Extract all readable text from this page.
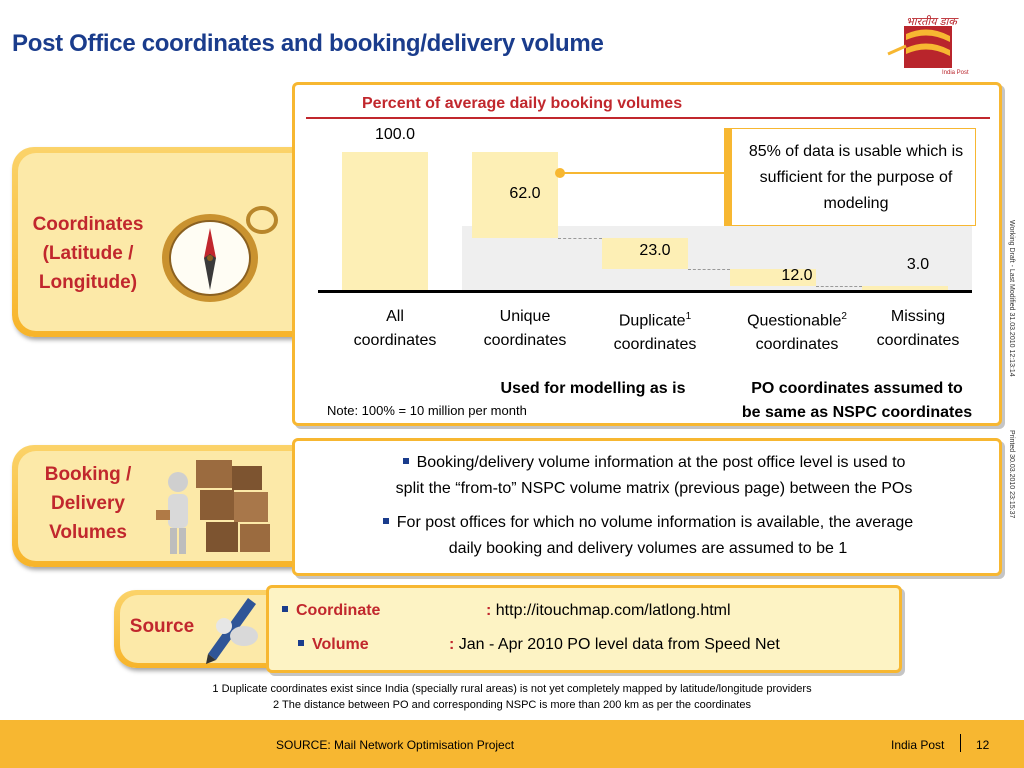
Post Office coordinates and booking/delivery volume
भारतीय डाक
India Post
Working Draft - Last Modified 31.03.2010 12:13:14
Printed 30.03.2010 23:15:37
Coordinates
(Latitude /
Longitude)
Percent of average daily booking volumes
100.0
All
coordinates
62.0
Unique
coordinates
23.0
Duplicate$^1$
coordinates
12.0
Questionable$^2$
coordinates
3.0
Missing
coordinates
85% of data is usable which is sufficient for the purpose of modeling
Used for modelling as is	PO coordinates assumed to
be same as NSPC coordinates
Note: 100% = 10 million per month
Booking /
Delivery
Volumes
Booking/delivery volume information at the post office level is used to
split the “from-to” NSPC volume matrix (previous page) between the POs
For post offices for which no volume information is available, the average
daily booking and delivery volumes are assumed to be 1
Source
Coordinate	: http://itouchmap.com/latlong.html
Volume	: Jan - Apr 2010 PO level data from Speed Net
1 Duplicate coordinates exist since India (specially rural areas) is not yet completely mapped by latitude/longitude providers
2 The distance between PO and corresponding NSPC is more than 200 km as per the coordinates
SOURCE: Mail Network Optimisation Project	India Post	12
